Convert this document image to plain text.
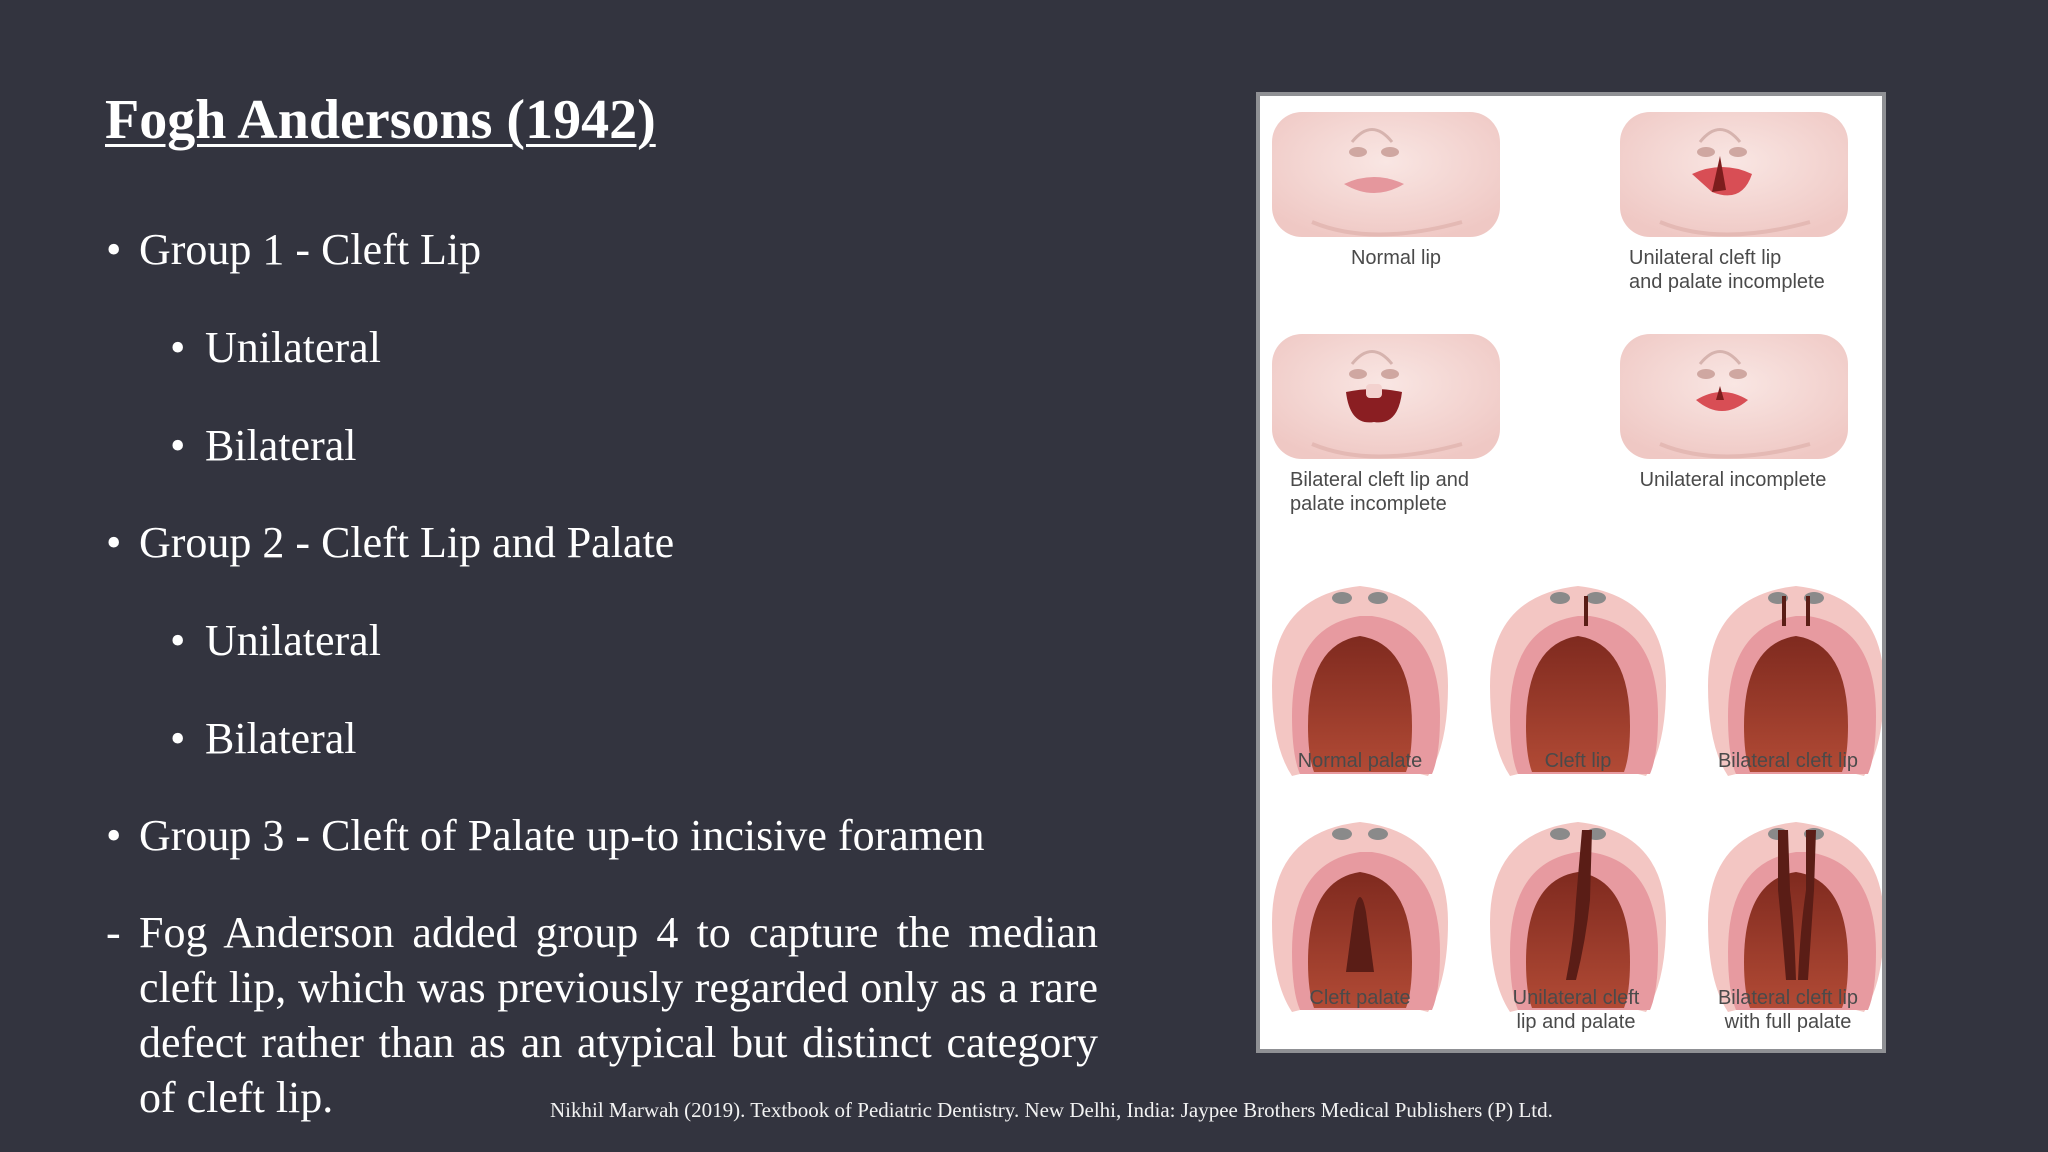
Fogh Andersons (1942)
• Group 1 - Cleft Lip
• Unilateral
• Bilateral
• Group 2 - Cleft Lip and Palate
• Unilateral
• Bilateral
• Group 3 - Cleft of Palate up-to incisive foramen
- Fog Anderson added group 4 to capture the median cleft lip, which was previously regarded only as a rare defect rather than as an atypical but distinct category of cleft lip.	Nikhil Marwah (2019). Textbook of Pediatric Dentistry. New Delhi, India: Jaypee Brothers Medical Publishers (P) Ltd.
Normal lip	Unilateral cleft lip
and palate incomplete
Bilateral cleft lip and
palate incomplete
Unilateral incomplete
Normal palate	Cleft lip	Bilateral cleft lip
Cleft palate	Unilateral cleft
lip and palate
Bilateral cleft lip
with full palate
